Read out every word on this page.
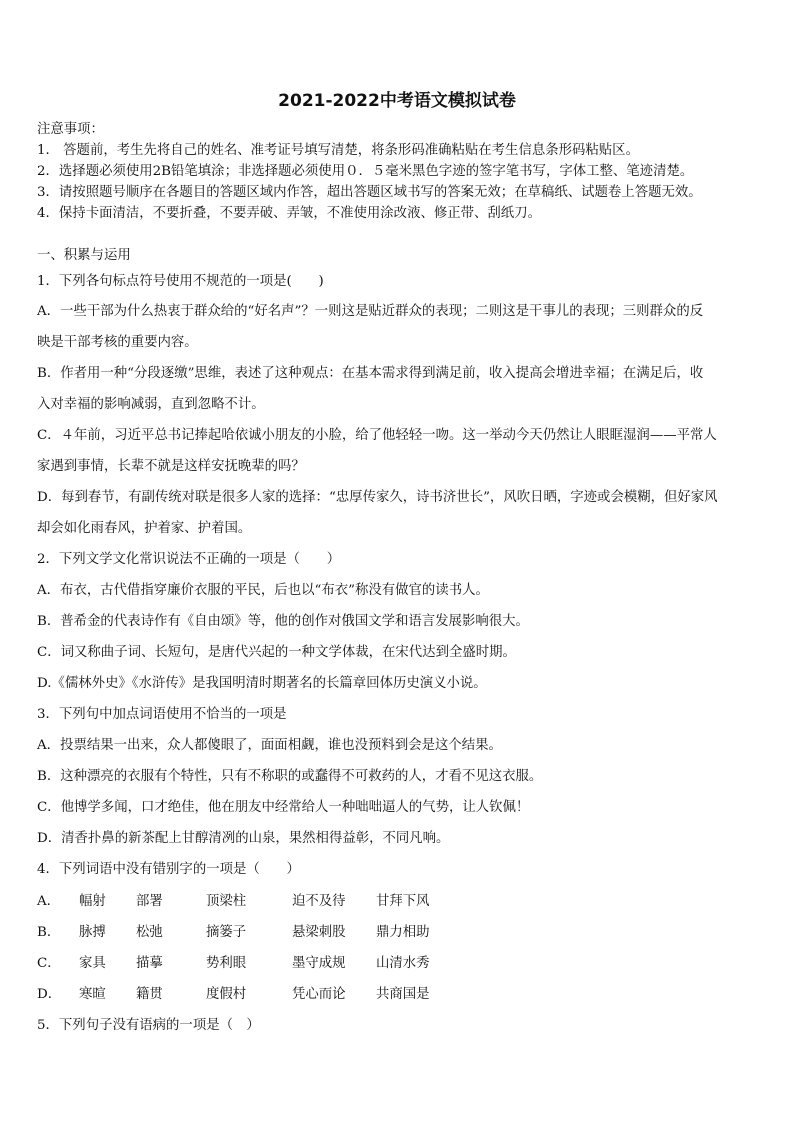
2021-2022中考语文模拟试卷
注意事项：
1． 答题前，考生先将自己的姓名、准考证号填写清楚，将条形码准确粘贴在考生信息条形码粘贴区。
2．选择题必须使用2B铅笔填涂；非选择题必须使用０．５毫米黑色字迹的签字笔书写，字体工整、笔迹清楚。
3．请按照题号顺序在各题目的答题区域内作答，超出答题区域书写的答案无效；在草稿纸、试题卷上答题无效。
4．保持卡面清洁，不要折叠，不要弄破、弄皱，不准使用涂改液、修正带、刮纸刀。
一、积累与运用
1．下列各句标点符号使用不规范的一项是(　　)
A．一些干部为什么热衷于群众给的“好名声”？一则这是贴近群众的表现；二则这是干事儿的表现；三则群众的反
映是干部考核的重要内容。
B．作者用一种“分段逐缴”思维，表述了这种观点：在基本需求得到满足前，收入提高会增进幸福；在满足后，收
入对幸福的影响减弱，直到忽略不计。
C．４年前，习近平总书记捧起哈依诚小朋友的小脸，给了他轻轻一吻。这一举动今天仍然让人眼眶湿润——平常人
家遇到事情，长辈不就是这样安抚晚辈的吗？
D．每到春节，有副传统对联是很多人家的选择：“忠厚传家久，诗书济世长”，风吹日晒，字迹或会模糊，但好家风
却会如化雨春风，护着家、护着国。
2．下列文学文化常识说法不正确的一项是（　　）
A．布衣，古代借指穿廉价衣服的平民，后也以“布衣”称没有做官的读书人。
B．普希金的代表诗作有《自由颂》等，他的创作对俄国文学和语言发展影响很大。
C．词又称曲子词、长短句，是唐代兴起的一种文学体裁，在宋代达到全盛时期。
D.《儒林外史》《水浒传》是我国明清时期著名的长篇章回体历史演义小说。
3．下列句中加点词语使用不恰当的一项是
A．投票结果一出来，众人都傻眼了，面面相觑，谁也没预料到会是这个结果。
B．这种漂亮的衣服有个特性，只有不称职的或蠢得不可救药的人，才看不见这衣服。
C．他博学多闻，口才绝佳，他在朋友中经常给人一种咄咄逼人的气势，让人钦佩！
D．清香扑鼻的新茶配上甘醇清冽的山泉，果然相得益彰，不同凡响。
4．下列词语中没有错别字的一项是（　　）
A． 幅射 部署	顶梁柱	迫不及待 甘拜下风
B． 脉搏 松弛	摘篓子	悬梁刺股 鼎力相助
C． 家具 描摹	势利眼	墨守成规 山清水秀
D． 寒暄 籍贯	度假村	凭心而论 共商国是
5．下列句子没有语病的一项是（　）
